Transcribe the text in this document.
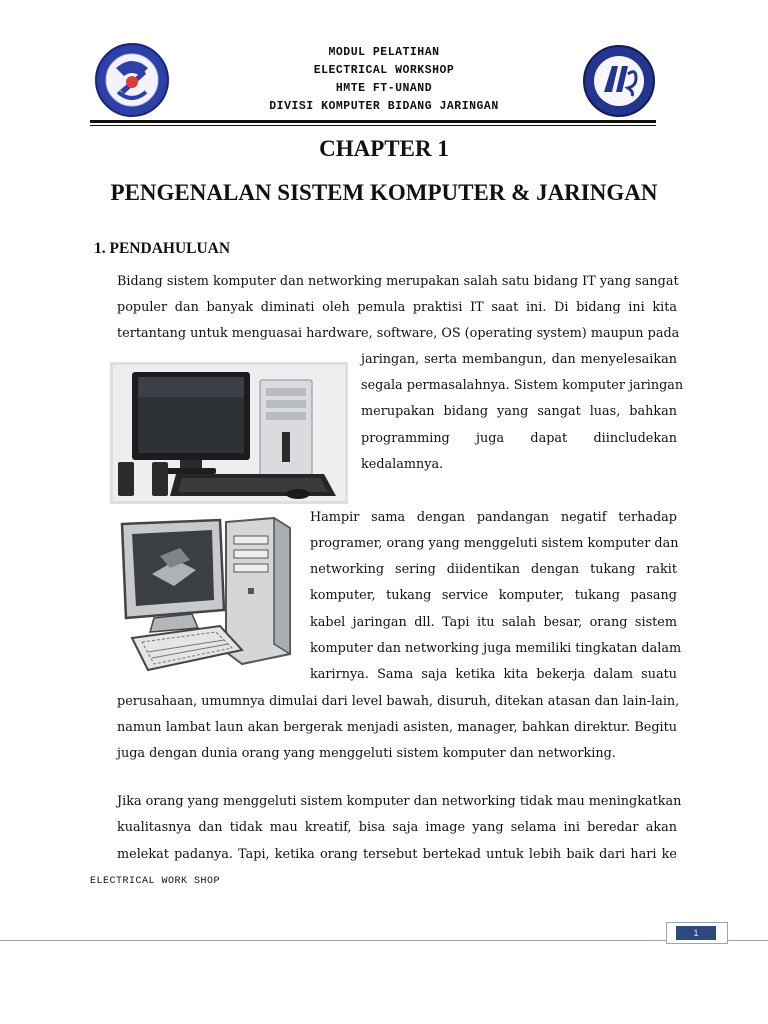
MODUL PELATIHAN
ELECTRICAL WORKSHOP
HMTE FT-UNAND
DIVISI KOMPUTER BIDANG JARINGAN
CHAPTER 1
PENGENALAN SISTEM KOMPUTER & JARINGAN
1. PENDAHULUAN
Bidang sistem komputer dan networking merupakan salah satu bidang IT yang sangat
populer dan banyak diminati oleh pemula praktisi IT saat ini. Di bidang ini kita
tertantang untuk menguasai hardware, software, OS (operating system) maupun pada
jaringan, serta membangun, dan menyelesaikan
segala permasalahnya. Sistem komputer jaringan
merupakan bidang yang sangat luas, bahkan
programming juga dapat diincludekan
kedalamnya.
Hampir sama dengan pandangan negatif terhadap
programer, orang yang menggeluti sistem komputer dan
networking sering diidentikan dengan tukang rakit
komputer, tukang service komputer, tukang pasang
kabel jaringan dll. Tapi itu salah besar, orang sistem
komputer dan networking juga memiliki tingkatan dalam
karirnya. Sama saja ketika kita bekerja dalam suatu
perusahaan, umumnya dimulai dari level bawah, disuruh, ditekan atasan dan lain-lain,
namun lambat laun akan bergerak menjadi asisten, manager, bahkan direktur. Begitu
juga dengan dunia orang yang menggeluti sistem komputer dan networking.
Jika orang yang menggeluti sistem komputer dan networking tidak mau meningkatkan
kualitasnya dan tidak mau kreatif, bisa saja image yang selama ini beredar akan
melekat padanya. Tapi, ketika orang tersebut bertekad untuk lebih baik dari hari ke
ELECTRICAL WORK SHOP
1
